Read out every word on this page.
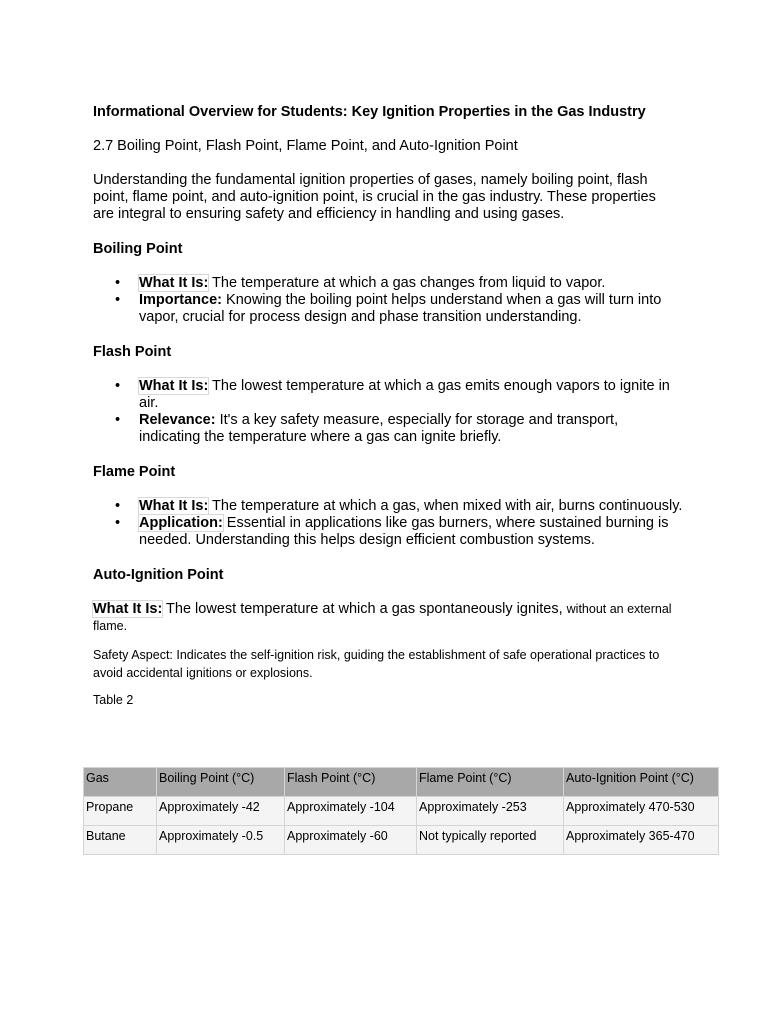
Informational Overview for Students: Key Ignition Properties in the Gas Industry

2.7 Boiling Point, Flash Point, Flame Point, and Auto-Ignition Point

Understanding the fundamental ignition properties of gases, namely boiling point, flash point, flame point, and auto-ignition point, is crucial in the gas industry. These properties are integral to ensuring safety and efficiency in handling and using gases.

Boiling Point

• What It Is: The temperature at which a gas changes from liquid to vapor.
• Importance: Knowing the boiling point helps understand when a gas will turn into vapor, crucial for process design and phase transition understanding.

Flash Point

• What It Is: The lowest temperature at which a gas emits enough vapors to ignite in air.
• Relevance: It's a key safety measure, especially for storage and transport, indicating the temperature where a gas can ignite briefly.

Flame Point

• What It Is: The temperature at which a gas, when mixed with air, burns continuously.
• Application: Essential in applications like gas burners, where sustained burning is needed. Understanding this helps design efficient combustion systems.

Auto-Ignition Point

What It Is: The lowest temperature at which a gas spontaneously ignites, without an external flame.

Safety Aspect: Indicates the self-ignition risk, guiding the establishment of safe operational practices to avoid accidental ignitions or explosions.

Table 2

Gas	Boiling Point (°C)	Flash Point (°C)	Flame Point (°C)	Auto-Ignition Point (°C)
Propane	Approximately -42	Approximately -104	Approximately -253	Approximately 470-530
Butane	Approximately -0.5	Approximately -60	Not typically reported	Approximately 365-470
